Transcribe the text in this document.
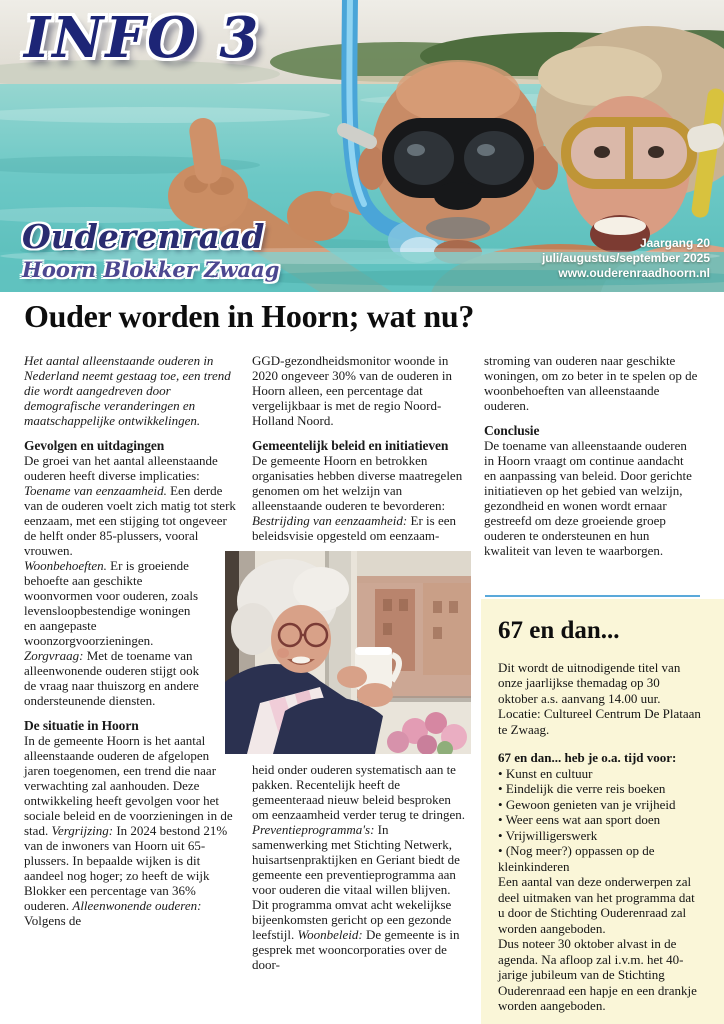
INFO 3
Ouderenraad
Hoorn Blokker Zwaag
Jaargang 20
juli/augustus/september 2025
www.ouderenraadhoorn.nl
Ouder worden in Hoorn; wat nu?

Het aantal alleenstaande ouderen in Nederland neemt gestaag toe, een trend die wordt aangedreven door demografische veranderingen en maatschappelijke ontwikkelingen.

Gevolgen en uitdagingen

De groei van het aantal alleenstaande ouderen heeft diverse implicaties: Toename van eenzaamheid. Een derde van de ouderen voelt zich matig tot sterk eenzaam, met een stijging tot ongeveer de helft onder 85-plussers, vooral vrouwen.

Woonbehoeften. Er is groeiende behoefte aan geschikte woonvormen voor ouderen, zoals levensloopbestendige woningen en aangepaste woonzorgvoorzieningen. Zorgvraag: Met de toename van alleenwonende ouderen stijgt ook de vraag naar thuiszorg en andere ondersteunende diensten.

De situatie in Hoorn

In de gemeente Hoorn is het aantal alleenstaande ouderen de afgelopen jaren toegenomen, een trend die naar verwachting zal aanhouden. Deze ontwikkeling heeft gevolgen voor het sociale beleid en de voorzieningen in de stad. Vergrijzing: In 2024 bestond 21% van de inwoners van Hoorn uit 65-plussers. In bepaalde wijken is dit aandeel nog hoger; zo heeft de wijk Blokker een percentage van 36% ouderen. Alleenwonende ouderen: Volgens de

GGD-gezondheidsmonitor woonde in 2020 ongeveer 30% van de ouderen in Hoorn alleen, een percentage dat vergelijkbaar is met de regio Noord-Holland Noord.

Gemeentelijk beleid en initiatieven

De gemeente Hoorn en betrokken organisaties hebben diverse maatregelen genomen om het welzijn van alleenstaande ouderen te bevorderen: Bestrijding van eenzaamheid: Er is een beleidsvisie opgesteld om eenzaam-

heid onder ouderen systematisch aan te pakken. Recentelijk heeft de gemeenteraad nieuw beleid besproken om eenzaamheid verder terug te dringen. Preventieprogramma's: In samenwerking met Stichting Netwerk, huisartsenpraktijken en Geriant biedt de gemeente een preventieprogramma aan voor ouderen die vitaal willen blijven. Dit programma omvat acht wekelijkse bijeenkomsten gericht op een gezonde leefstijl. Woonbeleid: De gemeente is in gesprek met wooncorporaties over de door-

stroming van ouderen naar geschikte woningen, om zo beter in te spelen op de woonbehoeften van alleenstaande ouderen.

Conclusie

De toename van alleenstaande ouderen in Hoorn vraagt om continue aandacht en aanpassing van beleid. Door gerichte initiatieven op het gebied van welzijn, gezondheid en wonen wordt ernaar gestreefd om deze groeiende groep ouderen te ondersteunen en hun kwaliteit van leven te waarborgen.

67 en dan...

Dit wordt de uitnodigende titel van onze jaarlijkse themadag op 30 oktober a.s. aanvang 14.00 uur. Locatie: Cultureel Centrum De Plataan te Zwaag.

67 en dan... heb je o.a. tijd voor:
• Kunst en cultuur
• Eindelijk die verre reis boeken
• Gewoon genieten van je vrijheid
• Weer eens wat aan sport doen
• Vrijwilligerswerk
• (Nog meer?) oppassen op de kleinkinderen

Een aantal van deze onderwerpen zal deel uitmaken van het programma dat u door de Stichting Ouderenraad zal worden aangeboden.

Dus noteer 30 oktober alvast in de agenda. Na afloop zal i.v.m. het 40-jarige jubileum van de Stichting Ouderenraad een hapje en een drankje worden aangeboden.
